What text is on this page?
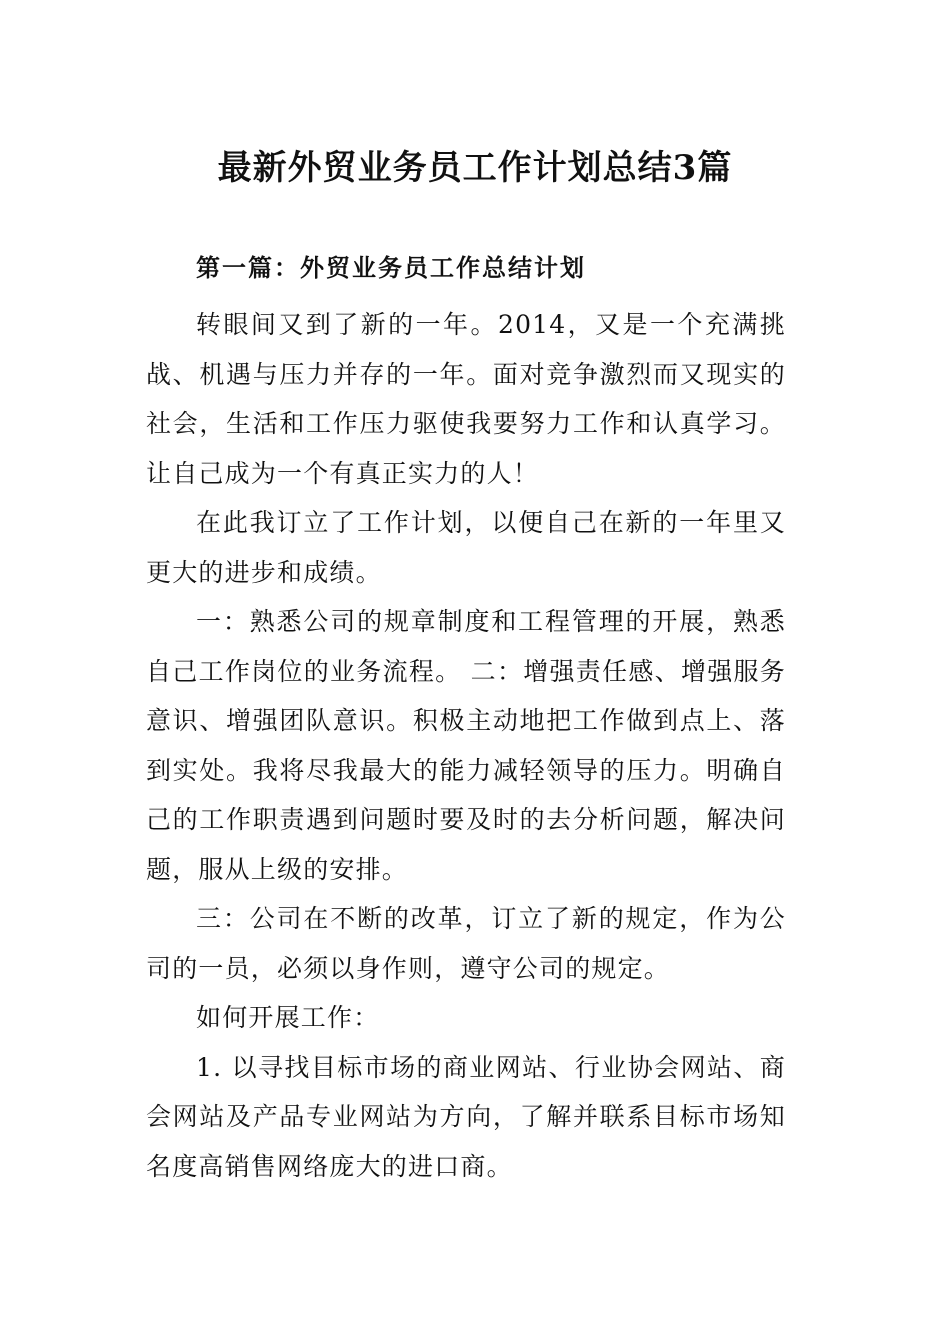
最新外贸业务员工作计划总结3篇
第一篇：外贸业务员工作总结计划

转眼间又到了新的一年。2014，又是一个充满挑战、机遇与压力并存的一年。面对竞争激烈而又现实的社会，生活和工作压力驱使我要努力工作和认真学习。让自己成为一个有真正实力的人！

在此我订立了工作计划，以便自己在新的一年里又更大的进步和成绩。

一：熟悉公司的规章制度和工程管理的开展，熟悉自己工作岗位的业务流程。 二：增强责任感、增强服务意识、增强团队意识。积极主动地把工作做到点上、落到实处。我将尽我最大的能力减轻领导的压力。明确自己的工作职责遇到问题时要及时的去分析问题，解决问题，服从上级的安排。

三：公司在不断的改革，订立了新的规定，作为公司的一员，必须以身作则，遵守公司的规定。

如何开展工作：

1. 以寻找目标市场的商业网站、行业协会网站、商会网站及产品专业网站为方向，了解并联系目标市场知名度高销售网络庞大的进口商。
